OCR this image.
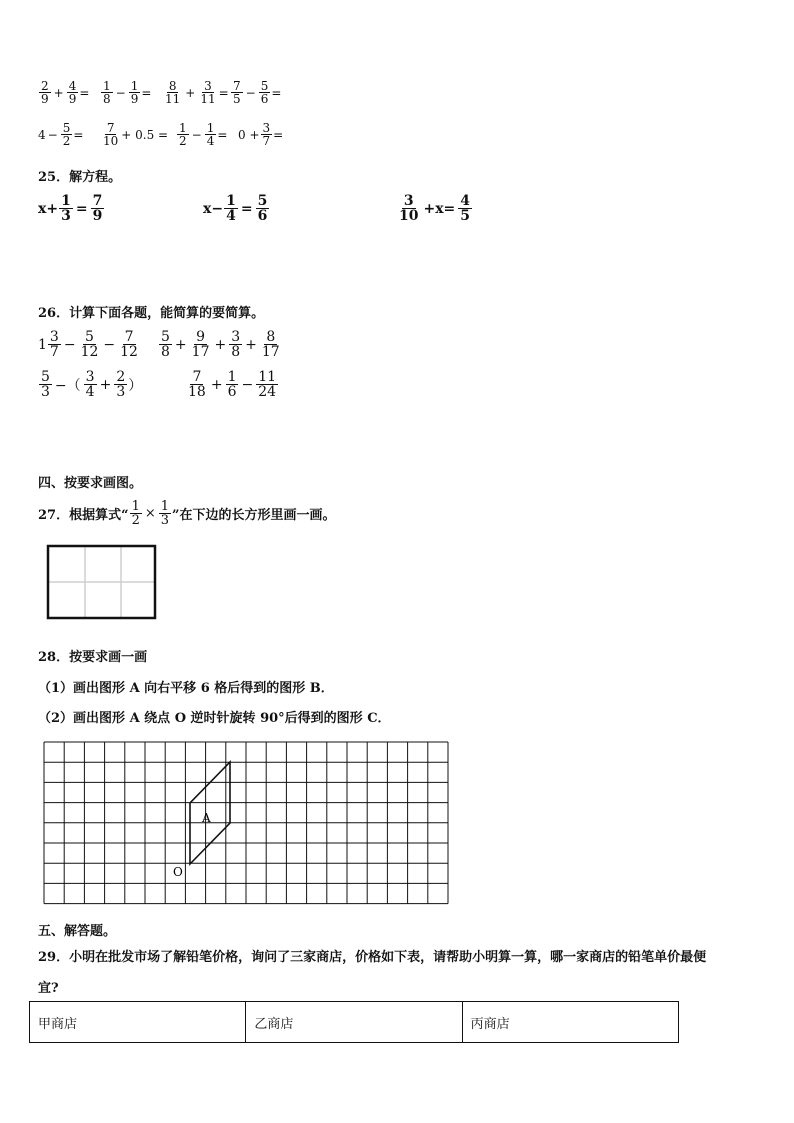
$\frac{2}{9} + \frac{4}{9} = \frac{1}{8} - \frac{1}{9} = \frac{8}{11} + \frac{3}{11} = \frac{7}{5} - \frac{5}{6}$ =
$4 - \frac{5}{2} = \frac{7}{10} + 0.5 = \frac{1}{2} - \frac{1}{4} = 0 + \frac{3}{7}$ =
25．解方程。
$x+ \frac{1}{3} = \frac{7}{9}$	$x- \frac{1}{4} = \frac{5}{6}$	$\frac{3}{10} +x= \frac{4}{5}$
26．计算下面各题，能简算的要简算。
$1 \frac{3}{7} - \frac{5}{12} - \frac{7}{12} \frac{5}{8} + \frac{9}{17} + \frac{3}{8} + \frac{8}{17}$
$\frac{5}{3}$ −（ $\frac{3}{4} + \frac{2}{3}$ ）	$\frac{7}{18} + \frac{1}{6} - \frac{11}{24}$
四、按要求画图。
27．根据算式“ $\frac{1}{2} \times \frac{1}{3}$ ”在下边的长方形里画一画。
28．按要求画一画
（1）画出图形 A 向右平移 6 格后得到的图形 B．
（2）画出图形 A 绕点 O 逆时针旋转 90°后得到的图形 C．
A
O
五、解答题。
29．小明在批发市场了解铅笔价格，询问了三家商店，价格如下表，请帮助小明算一算，哪一家商店的铅笔单价最便
宜?
甲商店	乙商店	丙商店
